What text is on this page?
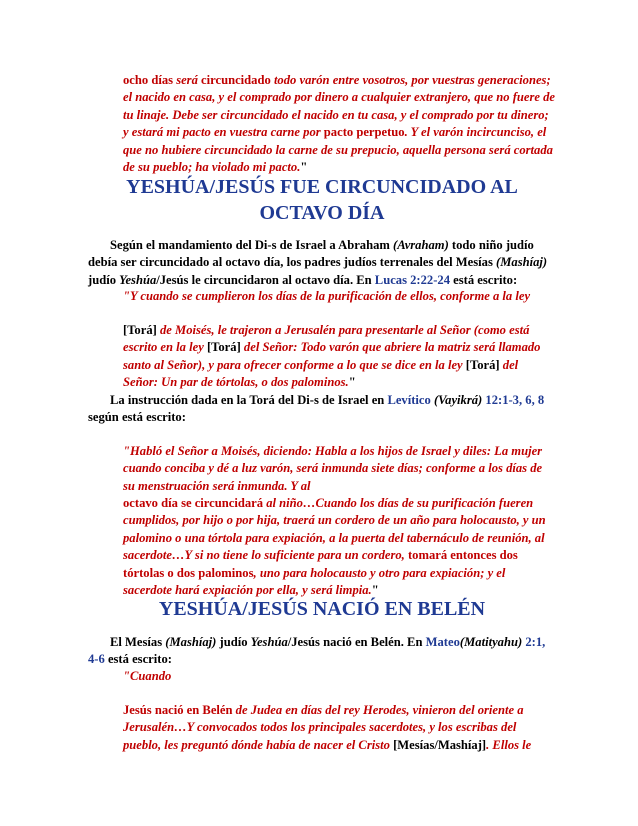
ocho días será circuncidado todo varón entre vosotros, por vuestras generaciones; el nacido en casa, y el comprado por dinero a cualquier extranjero, que no fuere de tu linaje. Debe ser circuncidado el nacido en tu casa, y el comprado por tu dinero; y estará mi pacto en vuestra carne por pacto perpetuo. Y el varón incircunciso, el que no hubiere circuncidado la carne de su prepucio, aquella persona será cortada de su pueblo; ha violado mi pacto."
YESHÚA/JESÚS FUE CIRCUNCIDADO AL OCTAVO DÍA
Según el mandamiento del Di-s de Israel a Abraham (Avraham) todo niño judío debía ser circuncidado al octavo día, los padres judíos terrenales del Mesías (Mashíaj) judío Yeshúa/Jesús le circuncidaron al octavo día. En Lucas 2:22-24 está escrito:
"Y cuando se cumplieron los días de la purificación de ellos, conforme a la ley
[Torá] de Moisés, le trajeron a Jerusalén para presentarle al Señor (como está escrito en la ley [Torá] del Señor: Todo varón que abriere la matriz será llamado santo al Señor), y para ofrecer conforme a lo que se dice en la ley [Torá] del Señor: Un par de tórtolas, o dos palominos."
La instrucción dada en la Torá del Di-s de Israel en Levítico (Vayikrá) 12:1-3, 6, 8 según está escrito:
"Habló el Señor a Moisés, diciendo: Habla a los hijos de Israel y diles: La mujer cuando conciba y dé a luz varón, será inmunda siete días; conforme a los días de su menstruación será inmunda. Y al
octavo día se circuncidará al niño…Cuando los días de su purificación fueren cumplidos, por hijo o por hija, traerá un cordero de un año para holocausto, y un palomino o una tórtola para expiación, a la puerta del tabernáculo de reunión, al sacerdote…Y si no tiene lo suficiente para un cordero, tomará entonces dos tórtolas o dos palominos, uno para holocausto y otro para expiación; y el sacerdote hará expiación por ella, y será limpia."
YESHÚA/JESÚS NACIÓ EN BELÉN
El Mesías (Mashíaj) judío Yeshúa/Jesús nació en Belén. En Mateo(Matityahu) 2:1, 4-6 está escrito:
"Cuando
Jesús nació en Belén de Judea en días del rey Herodes, vinieron del oriente a Jerusalén…Y convocados todos los principales sacerdotes, y los escribas del pueblo, les preguntó dónde había de nacer el Cristo [Mesías/Mashíaj]. Ellos le
